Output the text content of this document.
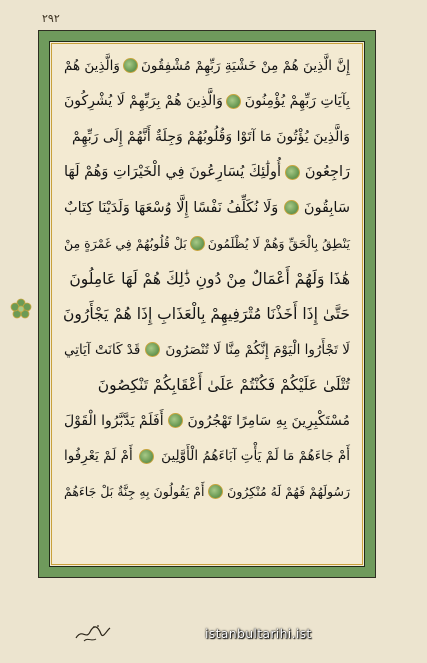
٢٩٢
إِنَّ الَّذِينَ هُمْ مِنْ خَشْيَةِ رَبِّهِمْ مُشْفِقُونَ
وَالَّذِينَ هُمْ
بِآيَاتِ رَبِّهِمْ يُؤْمِنُونَ
وَالَّذِينَ هُمْ بِرَبِّهِمْ لَا يُشْرِكُونَ
وَالَّذِينَ يُؤْتُونَ مَا آتَوْا وَقُلُوبُهُمْ وَجِلَةٌ أَنَّهُمْ إِلَى رَبِّهِمْ
رَاجِعُونَ
أُولَٰئِكَ يُسَارِعُونَ فِي الْخَيْرَاتِ وَهُمْ لَهَا
سَابِقُونَ
وَلَا نُكَلِّفُ نَفْسًا إِلَّا وُسْعَهَا وَلَدَيْنَا كِتَابٌ
يَنْطِقُ بِالْحَقِّ وَهُمْ لَا يُظْلَمُونَ
بَلْ قُلُوبُهُمْ فِي غَمْرَةٍ مِنْ
هَٰذَا وَلَهُمْ أَعْمَالٌ مِنْ دُونِ ذَٰلِكَ هُمْ لَهَا عَامِلُونَ
حَتَّىٰ إِذَا أَخَذْنَا مُتْرَفِيهِمْ بِالْعَذَابِ إِذَا هُمْ يَجْأَرُونَ
لَا تَجْأَرُوا الْيَوْمَ إِنَّكُمْ مِنَّا لَا تُنْصَرُونَ
قَدْ كَانَتْ آيَاتِي
تُتْلَىٰ عَلَيْكُمْ فَكُنْتُمْ عَلَىٰ أَعْقَابِكُمْ تَنْكِصُونَ
مُسْتَكْبِرِينَ بِهِ سَامِرًا تَهْجُرُونَ
أَفَلَمْ يَدَّبَّرُوا الْقَوْلَ
أَمْ جَاءَهُمْ مَا لَمْ يَأْتِ آبَاءَهُمُ الْأَوَّلِينَ
أَمْ لَمْ يَعْرِفُوا
رَسُولَهُمْ فَهُمْ لَهُ مُنْكِرُونَ
أَمْ يَقُولُونَ بِهِ جِنَّةٌ بَلْ جَاءَهُمْ
istanbultarihi.ist
